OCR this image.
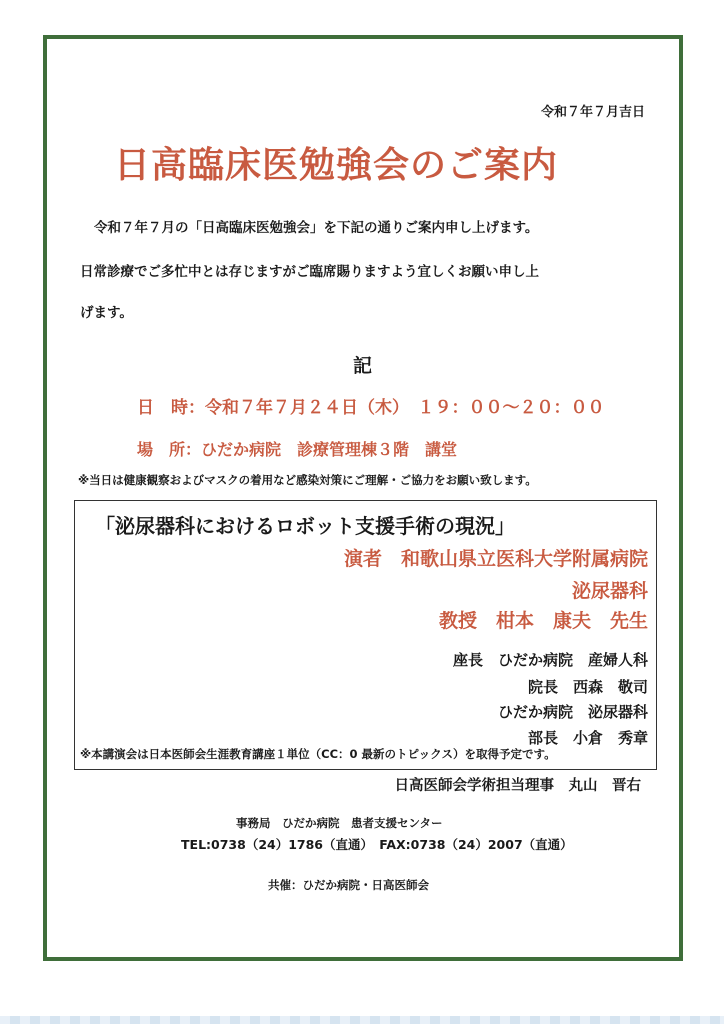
令和７年７月吉日
日高臨床医勉強会のご案内
令和７年７月の「日高臨床医勉強会」を下記の通りご案内申し上げます。
日常診療でご多忙中とは存じますがご臨席賜りますよう宜しくお願い申し上
げます。
記
日　時：令和７年７月２４日（木）　１９：００～２０：００
場　所：ひだか病院　診療管理棟３階　講堂
※当日は健康観察およびマスクの着用など感染対策にご理解・ご協力をお願い致します。
「泌尿器科におけるロボット支援手術の現況」
演者　和歌山県立医科大学附属病院
泌尿器科
教授　柑本　康夫　先生
座長　ひだか病院　産婦人科
院長　西森　敬司
ひだか病院　泌尿器科
部長　小倉　秀章
※本講演会は日本医師会生涯教育講座１単位（CC：0 最新のトピックス）を取得予定です。
日高医師会学術担当理事　丸山　晋右
事務局　ひだか病院　患者支援センター
TEL:0738（24）1786（直通）　FAX:0738（24）2007（直通）
共催：ひだか病院・日高医師会
